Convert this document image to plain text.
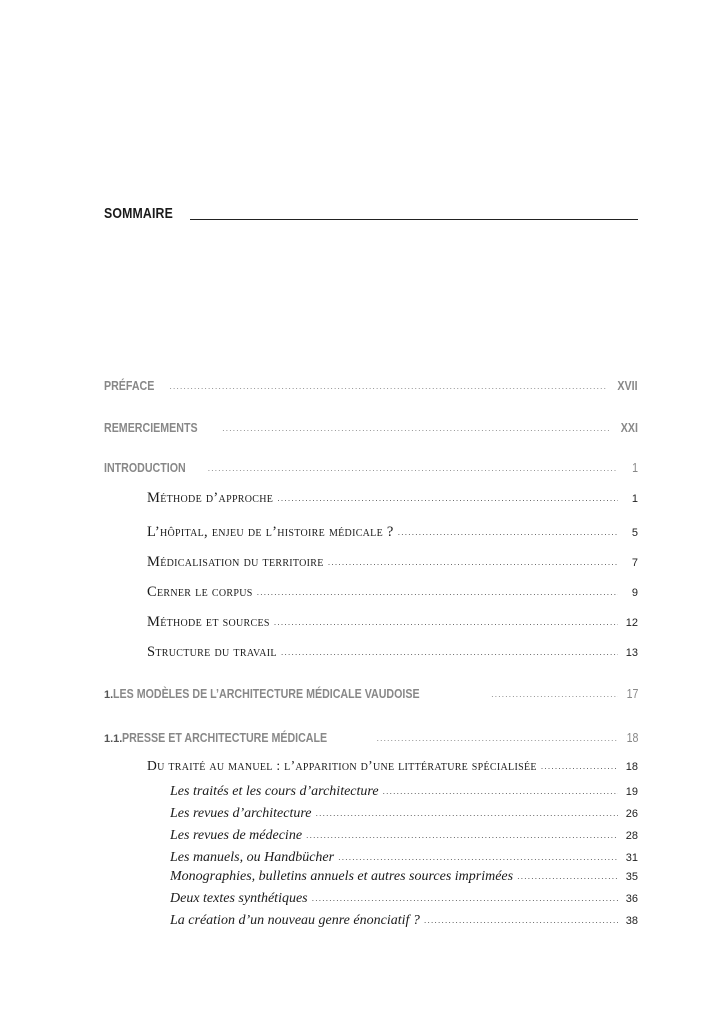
SOMMAIRE
PRÉFACE .....	XVII
REMERCIEMENTS .....	XXI
INTRODUCTION .....	1
Méthode d’approche .....	1
L’hôpital, enjeu de l’histoire médicale ? .....	5
Médicalisation du territoire .....	7
Cerner le corpus .....	9
Méthode et sources .....	12
Structure du travail .....	13
1. LES MODÈLES DE L’ARCHITECTURE MÉDICALE VAUDOISE .....	17
1.1. PRESSE ET ARCHITECTURE MÉDICALE .....	18
Du traité au manuel : l’apparition d’une littérature spécialisée .....	18
Les traités et les cours d’architecture .....	19
Les revues d’architecture .....	26
Les revues de médecine .....	28
Les manuels, ou Handbücher .....	31
Monographies, bulletins annuels et autres sources imprimées .....	35
Deux textes synthétiques .....	36
La création d’un nouveau genre énonciatif ? .....	38
